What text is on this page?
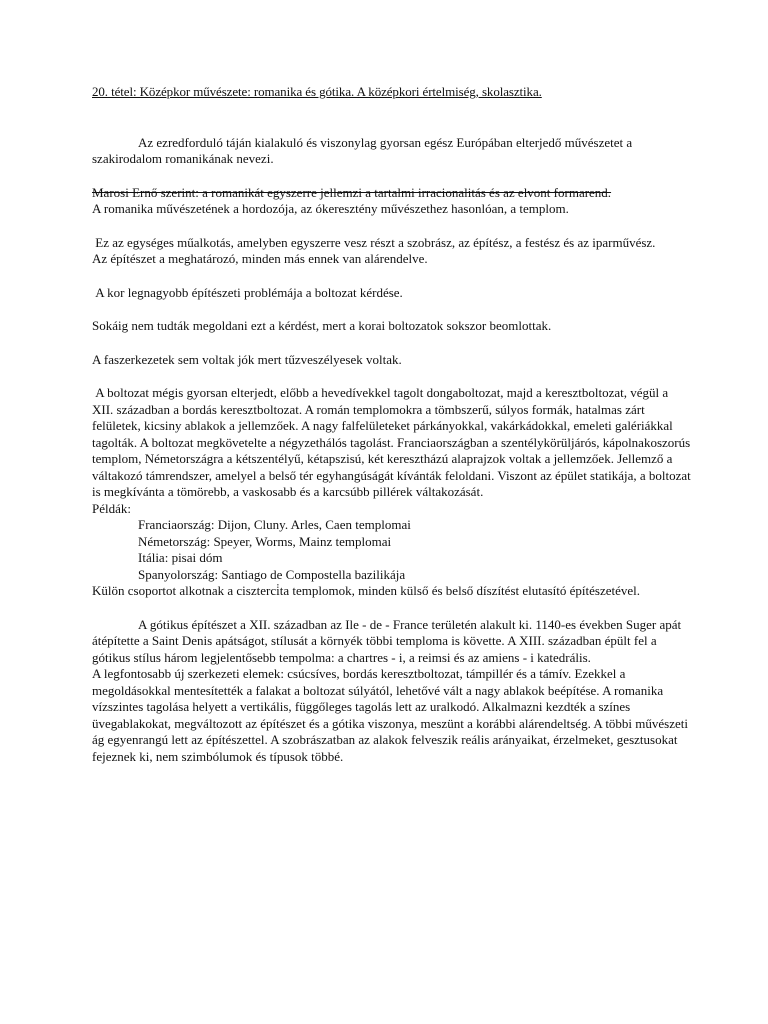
20. tétel: Középkor művészete: romanika és gótika. A középkori értelmiség, skolasztika.

Az ezredforduló táján kialakuló és viszonylag gyorsan egész Európában elterjedő művészetet a szakirodalom romanikának nevezi.

Marosi Ernő szerint: a romanikát egyszerre jellemzi a tartalmi irracionalitás és az elvont formarend.

A romanika művészetének a hordozója, az ókeresztény művészethez hasonlóan, a templom.

Ez az egységes műalkotás, amelyben egyszerre vesz részt a szobrász, az építész, a festész és az iparművész.

Az építészet a meghatározó, minden más ennek van alárendelve.

A kor legnagyobb építészeti problémája a boltozat kérdése.

Sokáig nem tudták megoldani ezt a kérdést, mert a korai boltozatok sokszor beomlottak.

A faszerkezetek sem voltak jók mert tűzveszélyesek voltak.

A boltozat mégis gyorsan elterjedt, előbb a hevedívekkel tagolt dongaboltozat, majd a keresztboltozat, végül a XII. században a bordás keresztboltozat. A román templomokra a tömbszerű, súlyos formák, hatalmas zárt felületek, kicsiny ablakok a jellemzőek. A nagy falfelületeket párkányokkal, vakárkádokkal, emeleti galériákkal tagolták. A boltozat megkövetelte a négyzethálós tagolást. Franciaországban a szentélykörüljárós, kápolnakoszorús templom, Németországra a kétszentélyű, kétapszisú, két keresztházú alaprajzok voltak a jellemzőek. Jellemző a váltakozó támrendszer, amelyel a belső tér egyhangúságát kívánták feloldani. Viszont az épület statikája, a boltozat is megkívánta a tömörebb, a vaskosabb és a karcsúbb pillérek váltakozását.

Példák:

Franciaország: Dijon, Cluny. Arles, Caen templomai

Németország: Speyer, Worms, Mainz templomai

Itália: pisai dóm

Spanyolország: Santiago de Compostella bazilikája

Külön csoportot alkotnak a ciszterci̇ta templomok, minden külső és belső díszítést elutasító építészetével.

A gótikus építészet a XII. században az Ile - de - France területén alakult ki. 1140-es években Suger apát átépítette a Saint Denis apátságot, stílusát a környék többi temploma is követte. A XIII. században épült fel a gótikus stílus három legjelentősebb tempolma: a chartres - i, a reimsi és az amiens - i katedrális.

A legfontosabb új szerkezeti elemek: csúcsíves, bordás keresztboltozat, támpillér és a támív. Ezekkel a megoldásokkal mentesítették a falakat a boltozat súlyától, lehetővé vált a nagy ablakok beépítése. A romanika vízszintes tagolása helyett a vertikális, függőleges tagolás lett az uralkodó. Alkalmazni kezdték a színes üvegablakokat, megváltozott az építészet és a gótika viszonya, meszünt a korábbi alárendeltség. A többi művészeti ág egyenrangú lett az építészettel. A szobrászatban az alakok felveszik reális arányaikat, érzelmeket, gesztusokat fejeznek ki, nem szimbólumok és típusok többé.
